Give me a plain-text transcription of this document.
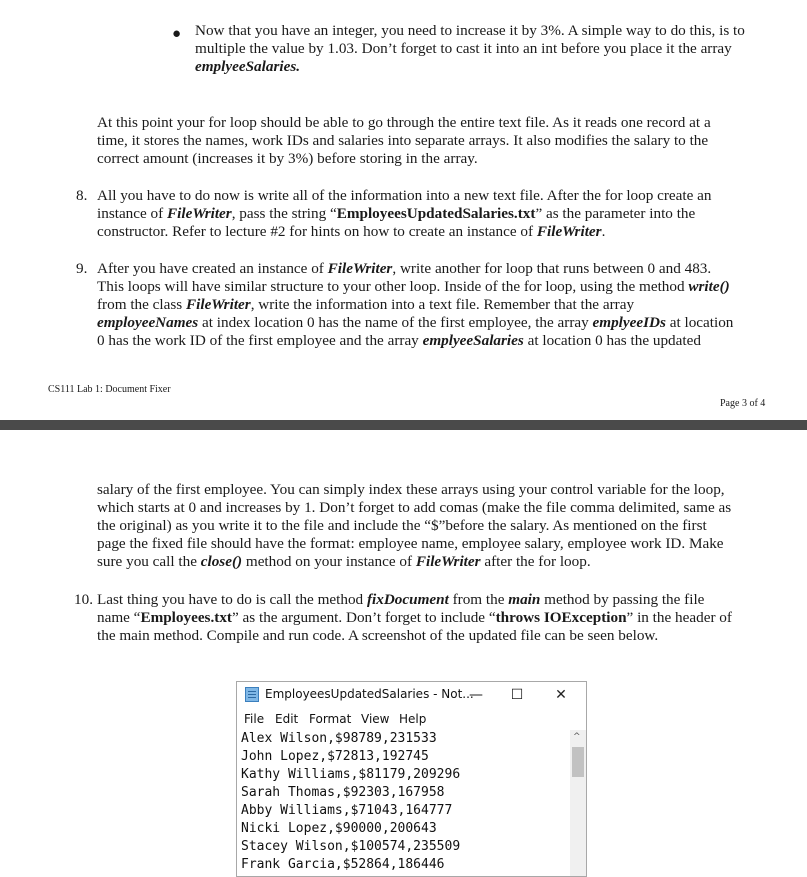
● Now that you have an integer, you need to increase it by 3%. A simple way to do this, is to

multiple the value by 1.03. Don’t forget to cast it into an int before you place it the array

emplyeeSalaries.

At this point your for loop should be able to go through the entire text file. As it reads one record at a

time, it stores the names, work IDs and salaries into separate arrays. It also modifies the salary to the

correct amount (increases it by 3%) before storing in the array.

8. All you have to do now is write all of the information into a new text file. After the for loop create an

instance of FileWriter, pass the string “EmployeesUpdatedSalaries.txt” as the parameter into the

constructor. Refer to lecture #2 for hints on how to create an instance of FileWriter.

9. After you have created an instance of FileWriter, write another for loop that runs between 0 and 483.

This loops will have similar structure to your other loop. Inside of the for loop, using the method write()

from the class FileWriter, write the information into a text file. Remember that the array

employeeNames at index location 0 has the name of the first employee, the array emplyeeIDs at location

0 has the work ID of the first employee and the array emplyeeSalaries at location 0 has the updated

CS111 Lab 1: Document Fixer
Page 3 of 4

salary of the first employee. You can simply index these arrays using your control variable for the loop,

which starts at 0 and increases by 1. Don’t forget to add comas (make the file comma delimited, same as

the original) as you write it to the file and include the “$”before the salary. As mentioned on the first

page the fixed file should have the format: employee name, employee salary, employee work ID. Make

sure you call the close() method on your instance of FileWriter after the for loop.

10. Last thing you have to do is call the method fixDocument from the main method by passing the file

name “Employees.txt” as the argument. Don’t forget to include “throws IOException” in the header of

the main method. Compile and run code. A screenshot of the updated file can be seen below.

EmployeesUpdatedSalaries - Not...
—	☐	✕
File Edit Format View Help
Alex Wilson,$98789,231533
John Lopez,$72813,192745
Kathy Williams,$81179,209296
Sarah Thomas,$92303,167958
Abby Williams,$71043,164777
Nicki Lopez,$90000,200643
Stacey Wilson,$100574,235509
Frank Garcia,$52864,186446
^
